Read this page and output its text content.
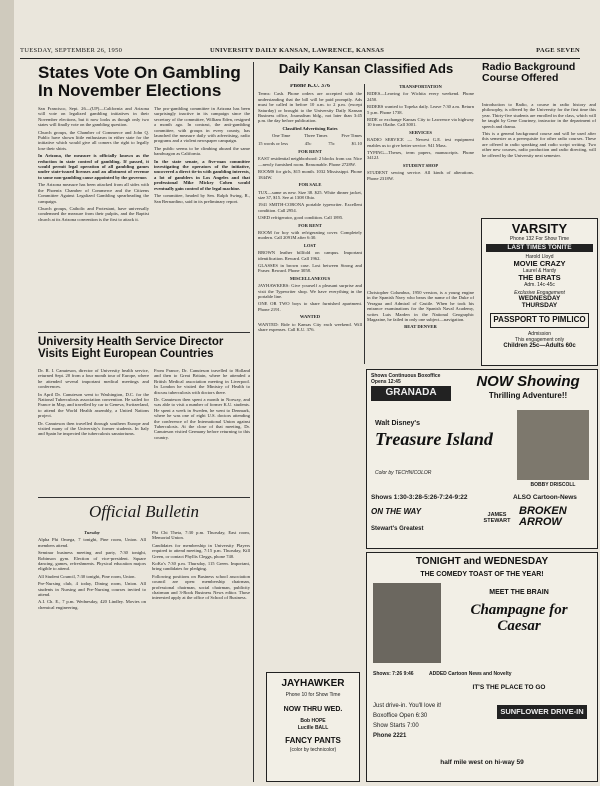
TUESDAY, SEPTEMBER 26, 1950	UNIVERSITY DAILY KANSAN, LAWRENCE, KANSAS	PAGE SEVEN
States Vote On Gambling In November Elections

San Francisco, Sept. 26—(UP)—California and Arizona will vote on legalized gambling initiatives in their November elections, but it now looks as though only two states will finally vote on the gambling question.

Church groups, the Chamber of Commerce and John Q. Public have shown little enthusiasm in either state for the initiative which would give all comers the right to legally lose their shirts.

In Arizona, the measure is officially known as the reduction in state control of gambling. If passed, it would permit legal operation of all gambling games under state-issued licenses and an allotment of revenue to some non-gambling cause appointed by the governor.

The Arizona measure has been attacked from all sides with the Phoenix Chamber of Commerce and the Citizens Committee Against Legalized Gambling spearheading the campaign.

Church groups, Catholic and Protestant, have universally condemned the measure from their pulpits, and the Baptist church at its Arizona convention is the first to attack it.

The pro-gambling committee in Arizona has been surprisingly inactive in its campaign since the secretary of the committee, William Eden, resigned a month ago. In contrast, the anti-gambling committee, with groups in every county, has launched the measure daily with advertising, radio programs and a violent newspaper campaign.

The public seems to be climbing aboard the same bandwagon as California.

In the state senate, a five-man committee investigating the operators of the initiative, uncovered a direct tie-in with gambling interests, a lot of gamblers in Los Angeles and that professional Mike Mickey Cohen would eventually gain control of the legal machine.

The committee, headed by Sen. Ralph Swing, R., San Bernardino, said in its preliminary report.

University Health Service Director Visits Eight European Countries

Dr. R. I. Canuteson, director of University health service, returned Sept. 20 from a four month tour of Europe, where he attended several important medical meetings and conferences.

In April Dr. Canuteson went to Washington, D.C. for the National Tuberculosis association convention. He sailed for France in May, and travelled by car to Geneva, Switzerland, to attend the World Health assembly, a United Nations project.

Dr. Canuteson then travelled through southern Europe and visited many of the University's former students. In Italy and Spain he inspected the tuberculosis sanatoriums.

From France, Dr. Canuteson travelled to Holland and then to Great Britain, where he attended a British Medical association meeting in Liverpool. In London he visited the Ministry of Health to discuss tuberculosis with doctors there.

Dr. Canuteson then spent a month in Norway, and was able to visit a number of former K.U. students. He spent a week in Sweden, he went to Denmark, where he was one of eight U.S. doctors attending the conference of the International Union against Tuberculosis. At the close of that meeting, Dr. Canuteson visited Germany before returning to this country.

Official Bulletin

Tuesday

Alpha Phi Omega, 7 tonight, Pine room, Union. All members attend.

Seminar business meeting and party, 7:30 tonight, Robinson gym. Election of vice-president. Square dancing, games, refreshments. Physical education majors eligible to attend.

All Student Council, 7:30 tonight, Pine room, Union.

Pre-Nursing club, 4 today, Dining room, Union. All students in Nursing and Pre-Nursing courses invited to attend.

A.I. Ch. E., 7 p.m. Wednesday, 420 Lindley. Movies on chemical engineering.

Phi Chi Theta, 7:30 p.m. Thursday, East room, Memorial Union.

Candidates for membership in University Players required to attend meeting, 7:15 p.m. Thursday, Kill Green, or contact Phyllis Cleggs, phone 740.

KoKo's 7:30 p.m. Thursday, 115 Green. Important, bring candidates for pledging.

Following positions on Business school association council are open: membership chairman, professional chairman, social chairman, publicity chairman and 3-Rook Business News editor. Those interested apply at the office of School of Business.

Daily Kansan Classified Ads

Phone K.U. 376

Terms: Cash. Phone orders are accepted with the understanding that the bill will be paid promptly. Ads must be called in before 10 a.m. to 2 p.m. (except Saturday) or brought to the University Daily Kansan Business office, Journalism bldg., not later than 3:45 p.m. the day before publication.

Classified Advertising Rates

One Time	Three Times	Five Times
15 words or less	45c	75c	$1.10

FOR RENT

EAST residential neighborhood: 2 blocks from car. Nice—newly furnished room. Reasonable. Phone 2728W.

ROOMS for girls, $15 month. 1032 Mississippi. Phone 1844W.

FOR SALE

TUX—same as new. Size 38. $25. White dinner jacket, size 37, $15. See at 1308 Ohio.

1941 SMITH-CORONA portable typewriter. Excellent condition. Call 2954.

USED refrigerator, good condition. Call 1895.

FOR RENT

ROOM for boy with refrigerating cover. Completely modern. Call 2091M after 6:30.

LOST

BROWN leather billfold on campus. Important identification. Reward. Call 1962.

GLASSES in brown case. Lost between Strong and Fraser. Reward. Phone 3058.

MISCELLANEOUS

JAYHAWKERS: Give yourself a pleasant surprise and visit the Typewriter shop. We have everything in the portable line.

ONE OR TWO boys to share furnished apartment. Phone 2191.

WANTED

WANTED: Ride to Kansas City each weekend. Will share expenses. Call K.U. 376.

TRANSPORTATION

RIDES—Leaving for Wichita every weekend. Phone 2450.

RIDERS wanted to Topeka daily. Leave 7:30 a.m. Return 5 p.m. Phone 1738.

RIDE or exchange Kansas City to Lawrence via highway 10 from Olathe. Call 3001.

SERVICES

RADIO SERVICE — Newest G.E. test equipment enables us to give better service. 941 Mass.

TYPING—Theses, term papers, manuscripts. Phone 3412J.

STUDENT SHOP

STUDENT sewing service. All kinds of alterations. Phone 2318W.

Christopher Columbus, 1950 version, is a young engine in the Spanish Navy who bears the name of the Duke of Veragua and Admiral of Castile. When he took his entrance examinations for the Spanish Naval Academy, writes Luis Marden in the National Geographic Magazine, he failed in only one subject—navigation.

BEAT DENVER

JAYHAWKER
Phone 10 for Show Time
NOW THRU WED.
Bob HOPE
Lucille BALL
FANCY PANTS
(color by technicolor)
Radio Background Course Offered

Introduction to Radio, a course in radio history and philosophy, is offered by the University for the first time this year. Thirty-five students are enrolled in the class, which will be taught by Gene Courtney, instructor in the department of speech and drama.

This is a general background course and will be used after this semester as a prerequisite for other radio courses. These are offered in radio speaking and radio script writing. Two other new courses, radio production and radio directing, will be offered by the University next semester.

VARSITY
Phone 132 For Show Time
LAST TIMES TONITE
Harold Lloyd
MOVIE CRAZY
Laurel & Hardy
THE BRATS
Adm. 14c-45c
Exclusive Engagement
WEDNESDAY
THURSDAY
PASSPORT TO PIMLICO
Admission
This engagement only
Children 25c—Adults 60c
Shows Continuous Boxoffice Opens 12:45
GRANADA
NOW Showing
Thrilling Adventure!!
Walt Disney's
Treasure Island
Color by TECHNICOLOR
BOBBY DRISCOLL
Shows 1:30-3:28-5:26-7:24-9:22	ALSO Cartoon-News
ON THE WAY
Stewart's Greatest
JAMES STEWART
BROKEN ARROW
TONIGHT and WEDNESDAY
THE COMEDY TOAST OF THE YEAR!
MEET THE BRAIN
Champagne for Caesar
Shows: 7:26 9:46	ADDED Cartoon News and Novelty
IT'S THE PLACE TO GO
Just drive-in. You'll love it!
Boxoffice Open 6:30
Show Starts 7:00
Phone 2221
SUNFLOWER DRIVE-IN
half mile west on hi-way 59
